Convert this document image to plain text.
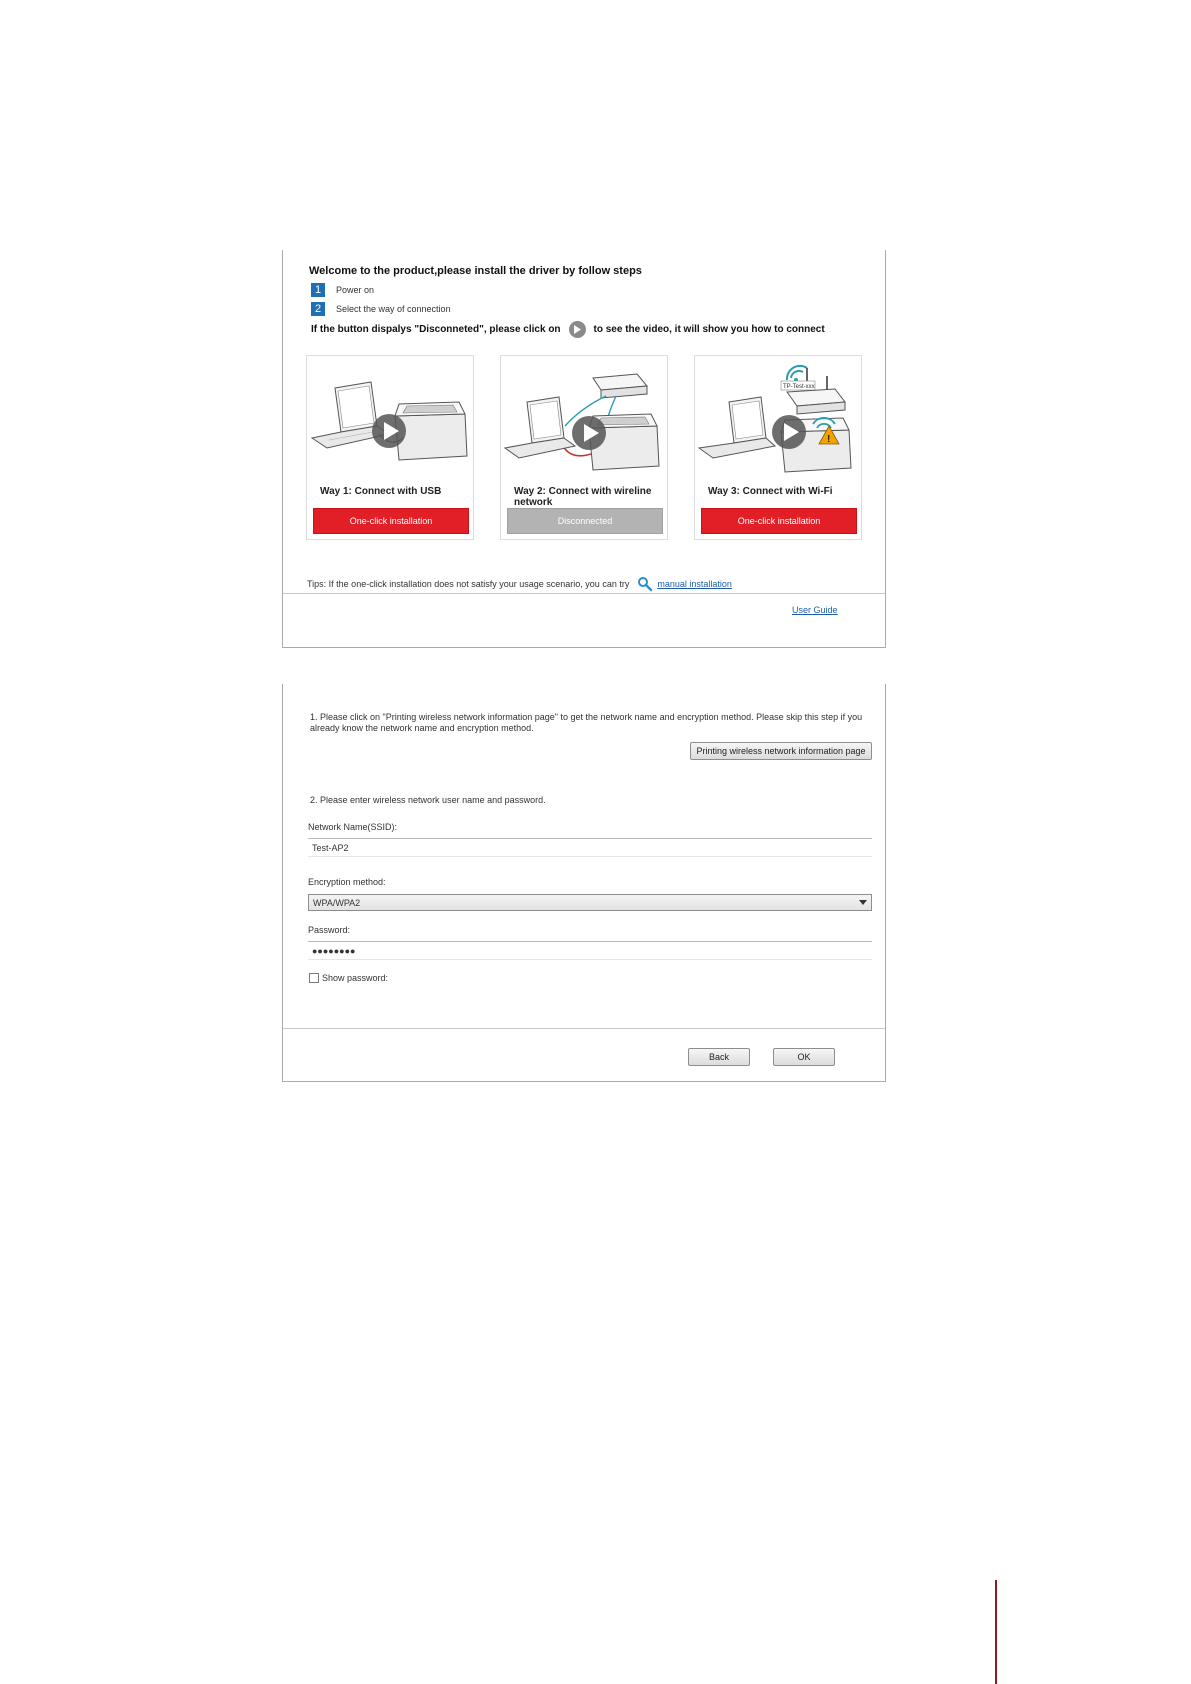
Welcome to the product,please install the driver by follow steps
1	Power on
2	Select the way of connection
If the button dispalys "Disconneted", please click on	to see the video, it will show you how to connect
Way 1: Connect with USB
One-click installation
Way 2: Connect with wireline network
Disconnected
TP-Test-xxx
!
Way 3: Connect with Wi-Fi
One-click installation
Tips: If the one-click installation does not satisfy your usage scenario, you can try	manual installation
User Guide
1. Please click on "Printing wireless network information page" to get the network name and encryption method. Please skip this step if you already know the network name and encryption method.
Printing wireless network information page
2. Please enter wireless network user name and password.
Network Name(SSID):
Test-AP2
Encryption method:
WPA/WPA2
Password:
●●●●●●●●
Show password:
Back	OK
